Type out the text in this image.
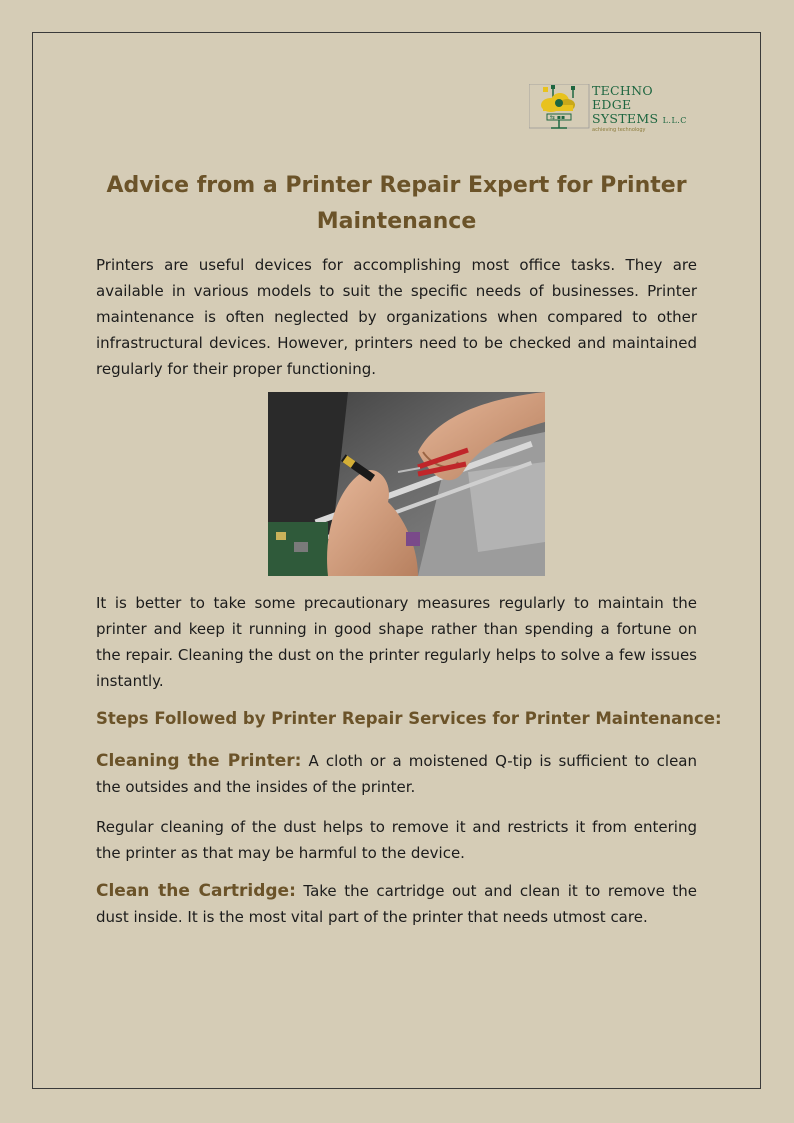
⇆ ▪▪
TECHNO
EDGE
SYSTEMS L.L.C
achieving technology
Advice from a Printer Repair Expert for Printer Maintenance

Printers are useful devices for accomplishing most office tasks. They are available in various models to suit the specific needs of businesses. Printer maintenance is often neglected by organizations when compared to other infrastructural devices. However, printers need to be checked and maintained regularly for their proper functioning.

It is better to take some precautionary measures regularly to maintain the printer and keep it running in good shape rather than spending a fortune on the repair. Cleaning the dust on the printer regularly helps to solve a few issues instantly.

Steps Followed by Printer Repair Services for Printer Maintenance:

Cleaning the Printer: A cloth or a moistened Q-tip is sufficient to clean the outsides and the insides of the printer.

Regular cleaning of the dust helps to remove it and restricts it from entering the printer as that may be harmful to the device.

Clean the Cartridge: Take the cartridge out and clean it to remove the dust inside. It is the most vital part of the printer that needs utmost care.
